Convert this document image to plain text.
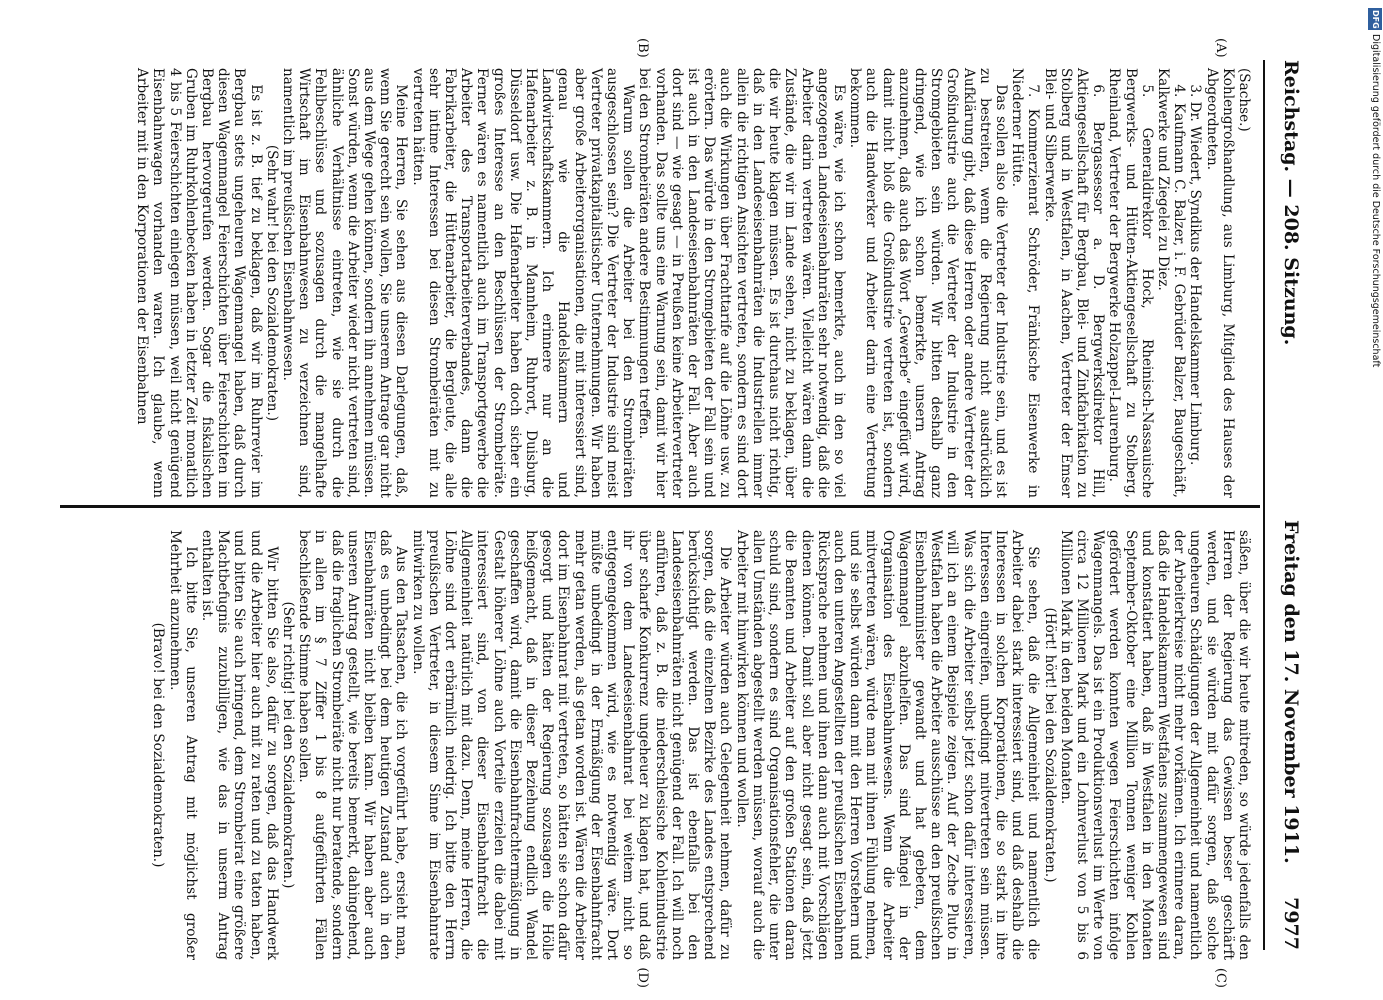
Reichstag. — 208. Sitzung.
Freitag den 17. November 1911.
7977
(A)
(B)
(C)
(D)

(Sachse.)

Kohlengroßhandlung, aus Limburg, Mitglied des Hauses der Abgeordneten.

3. Dr. Wiedert, Syndikus der Handelskammer Limburg.

4. Kaufmann C. Balzer, i. F. Gebrüder Balzer, Baugeschäft, Kalkwerke und Ziegelei zu Diez.

5. Generaldirektor Hock, Rheinisch-Nassauische Bergwerks- und Hütten-Aktiengesellschaft zu Stolberg, Rheinland, Vertreter der Bergwerke Holzappel-Laurenburg.

6. Bergassessor a. D. Bergwerksdirektor Hill, Aktiengesellschaft für Bergbau, Blei- und Zinkfabrikation zu Stolberg und in Westfalen, in Aachen, Vertreter der Emser Blei- und Silberwerke.

7. Kommerzienrat Schröder, Fränkische Eisenwerke in Niederner Hütte.

Das sollen also die Vertreter der Industrie sein, und es ist zu bestreiten, wenn die Regierung nicht ausdrücklich Aufklärung gibt, daß diese Herren oder andere Vertreter der Großindustrie auch die Vertreter der Industrie in den Stromgebieten sein würden. Wir bitten deshalb ganz dringend, wie ich schon bemerkte, unsern Antrag anzunehmen, daß auch das Wort „Gewerbe“ eingefügt wird, damit nicht bloß die Großindustrie vertreten ist, sondern auch die Handwerker und Arbeiter darin eine Vertretung bekommen.

Es wäre, wie ich schon bemerkte, auch in den so viel angezogenen Landeseisenbahnräten sehr notwendig, daß die Arbeiter darin vertreten wären. Vielleicht wären dann die Zustände, die wir im Lande sehen, nicht zu beklagen, über die wir heute klagen müssen. Es ist durchaus nicht richtig, daß in den Landeseisenbahnräten die Industriellen immer allein die richtigen Ansichten vertreten, sondern es sind dort auch die Wirkungen über Frachttarife auf die Löhne usw. zu erörtern. Das würde in den Stromgebieten der Fall sein und ist auch in den Landeseisenbahnräten der Fall. Aber auch dort sind — wie gesagt — in Preußen keine Arbeitervertreter vorhanden. Das sollte uns eine Warnung sein, damit wir hier bei den Strombeiräten andere Bestimmungen treffen.

Warum sollen die Arbeiter bei den Strombeiräten ausgeschlossen sein? Die Vertreter der Industrie sind meist Vertreter privatkapitalistischer Unternehmungen. Wir haben aber große Arbeiterorganisationen, die mit interessiert sind, genau wie die Handelskammern und Landwirtschaftskammern. Ich erinnere nur an die Hafenarbeiter z. B. in Mannheim, Ruhrort, Duisburg, Düsseldorf usw. Die Hafenarbeiter haben doch sicher ein großes Interesse an den Beschlüssen der Strombeiräte. Ferner wären es namentlich auch im Transportgewerbe die Arbeiter des Transportarbeiterverbandes, dann die Fabrikarbeiter, die Hüttenarbeiter, die Bergleute, die alle sehr intime Interessen bei diesen Strombeiräten mit zu vertreten hätten.

Meine Herren, Sie sehen aus diesen Darlegungen, daß, wenn Sie gerecht sein wollen, Sie unserem Antrage gar nicht aus dem Wege gehen können, sondern ihn annehmen müssen. Sonst würden, wenn die Arbeiter wieder nicht vertreten sind, ähnliche Verhältnisse eintreten, wie sie durch die Fehlbeschlüsse und sozusagen durch die mangelhafte Wirtschaft im Eisenbahnwesen zu verzeichnen sind, namentlich im preußischen Eisenbahnwesen.

(Sehr wahr! bei den Sozialdemokraten.)

Es ist z. B. tief zu beklagen, daß wir im Ruhrrevier im Bergbau stets ungeheuren Wagenmangel haben, daß durch diesen Wagenmangel Feierschichten über Feierschichten im Bergbau hervorgerufen werden. Sogar die fiskalischen Gruben im Ruhrkohlenbecken haben in letzter Zeit monatlich 4 bis 5 Feierschichten einlegen müssen, weil nicht genügend Eisenbahnwagen vorhanden waren. Ich glaube, wenn Arbeiter mit in den Korporationen der Eisenbahnen

säßen, über die wir heute mitreden, so würde jedenfalls den Herren der Regierung das Gewissen besser geschärft werden, und sie würden mit dafür sorgen, daß solche ungeheuren Schädigungen der Allgemeinheit und namentlich der Arbeiterkreise nicht mehr vorkämen. Ich erinnere daran, daß die Handelskammern Westfalens zusammengewesen sind und konstatiert haben, daß in Westfalen in den Monaten September-Oktober eine Million Tonnen weniger Kohlen gefördert werden konnten wegen Feierschichten infolge Wagenmangels. Das ist ein Produktionsverlust im Werte von circa 12 Millionen Mark und ein Lohnverlust von 5 bis 6 Millionen Mark in den beiden Monaten.

(Hört! hört! bei den Sozialdemokraten.)

Sie sehen, daß die Allgemeinheit und namentlich die Arbeiter dabei stark interessiert sind, und daß deshalb die Interessen in solchen Korporationen, die so stark in ihre Interessen eingreifen, unbedingt mitvertreten sein müssen. Was sich die Arbeiter selbst jetzt schon dafür interessieren, will ich an einem Beispiele zeigen. Auf der Zeche Pluto in Westfalen haben die Arbeiter ausschüsse an den preußischen Eisenbahnminister gewandt und hat gebeten, dem Wagenmangel abzuhelfen. Das sind Mängel in der Organisation des Eisenbahnwesens. Wenn die Arbeiter mitvertreten wären, würde man mit ihnen Fühlung nehmen, und sie selbst würden dann mit den Herren Vorstehern und auch den unteren Angestellten der preußischen Eisenbahnen Rücksprache nehmen und ihnen dann auch mit Vorschlägen dienen können. Damit soll aber nicht gesagt sein, daß jetzt die Beamten und Arbeiter auf den großen Stationen daran schuld sind, sondern es sind Organisationsfehler, die unter allen Umständen abgestellt werden müssen, worauf auch die Arbeiter mit hinwirken können und wollen.

Die Arbeiter würden auch Gelegenheit nehmen, dafür zu sorgen, daß die einzelnen Bezirke des Landes entsprechend berücksichtigt werden. Das ist ebenfalls bei den Landeseisenbahnräten nicht genügend der Fall. Ich will noch anführen, daß z. B. die niederschlesische Kohlenindustrie über scharfe Konkurrenz ungeheuer zu klagen hat, und daß ihr von dem Landeseisenbahnrat bei weitem nicht so entgegengekommen wird, wie es notwendig wäre. Dort müßte unbedingt in der Ermäßigung der Eisenbahnfracht mehr getan werden, als getan worden ist. Wären die Arbeiter dort im Eisenbahnrat mit vertreten, so hätten sie schon dafür gesorgt und hätten der Regierung sozusagen die Hölle heißgemacht, daß in dieser Beziehung endlich Wandel geschaffen wird, damit die Eisenbahnfrachtermäßigung in Gestalt höherer Löhne auch Vorteile erzielen die dabei mit interessiert sind, von dieser Eisenbahnfracht die Allgemeinheit natürlich mit dazu. Denn, meine Herren, die Löhne sind dort erbärmlich niedrig. Ich bitte den Herrn preußischen Vertreter, in diesem Sinne im Eisenbahnrate mitwirken zu wollen.

Aus den Tatsachen, die ich vorgeführt habe, ersieht man, daß es unbedingt bei dem heutigen Zustand auch in den Eisenbahnräten nicht bleiben kann. Wir haben aber auch unseren Antrag gestellt, wie bereits bemerkt, dahingehend, daß die fraglichen Strombeiräte nicht nur beratende, sondern in allen im § 7 Ziffer 1 bis 8 aufgeführten Fällen beschließende Stimme haben sollen.

(Sehr richtig! bei den Sozialdemokraten.)

Wir bitten Sie also, dafür zu sorgen, daß das Handwerk und die Arbeiter hier auch mit zu raten und zu taten haben, und bitten Sie auch bringend, dem Strombeirat eine größere Machtbefugnis zuzubilligen, wie das in unserm Antrag enthalten ist.

Ich bitte Sie, unseren Antrag mit möglichst großer Mehrheit anzunehmen.

(Bravo! bei den Sozialdemokraten.)

DFG
Digitalisierung gefördert durch die Deutsche Forschungsgemeinschaft
